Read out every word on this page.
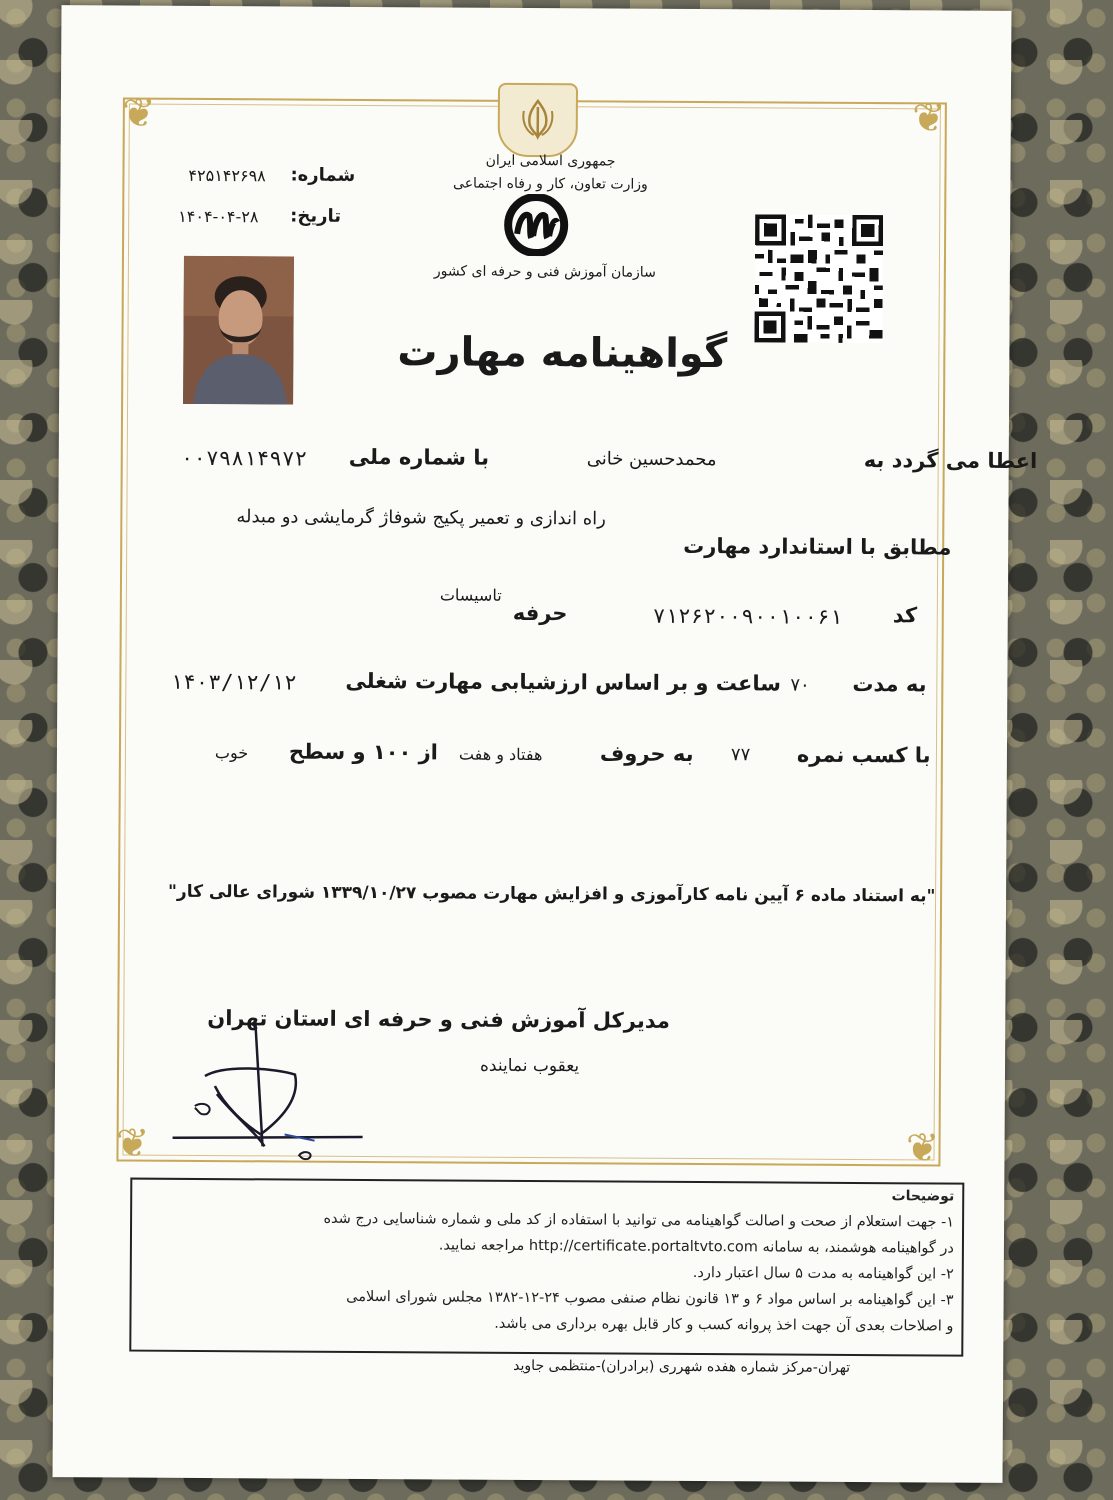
❦	❦
❦	❦
جمهوری اسلامی ایران
وزارت تعاون، کار و رفاه اجتماعی
سازمان آموزش فنی و حرفه ای کشور
شماره:
۴۲۵۱۴۲۶۹۸
تاریخ:
۱۴۰۴-۰۴-۲۸
گواهینامه مهارت
اعطا می گردد به
محمدحسین خانی
با شماره ملی
۰۰۷۹۸۱۴۹۷۲
مطابق با استاندارد مهارت
راه اندازی و تعمیر پکیج شوفاژ گرمایشی دو مبدله
کد
۷۱۲۶۲۰۰۹۰۰۱۰۰۶۱
حرفه
تاسیسات
به مدت
۷۰
ساعت و بر اساس ارزشیابی مهارت شغلی
۱۴۰۳/۱۲/۱۲
با کسب نمره
۷۷
به حروف
هفتاد و هفت
از ۱۰۰ و سطح
خوب
"به استناد ماده ۶ آیین نامه کارآموزی و افزایش مهارت مصوب ۱۳۳۹/۱۰/۲۷ شورای عالی کار"
مدیرکل آموزش فنی و حرفه ای استان تهران
یعقوب نماینده
توضیحات
۱- جهت استعلام از صحت و اصالت گواهینامه می توانید با استفاده از کد ملی و شماره شناسایی درج شده
در گواهینامه هوشمند، به سامانه http://certificate.portaltvto.com مراجعه نمایید.
۲- این گواهینامه به مدت ۵ سال اعتبار دارد.
۳- این گواهینامه بر اساس مواد ۶ و ۱۳ قانون نظام صنفی مصوب ۲۴-۱۲-۱۳۸۲ مجلس شورای اسلامی
و اصلاحات بعدی آن جهت اخذ پروانه کسب و کار قابل بهره برداری می باشد.
تهران-مرکز شماره هفده شهرری (برادران)-منتظمی جاوید
